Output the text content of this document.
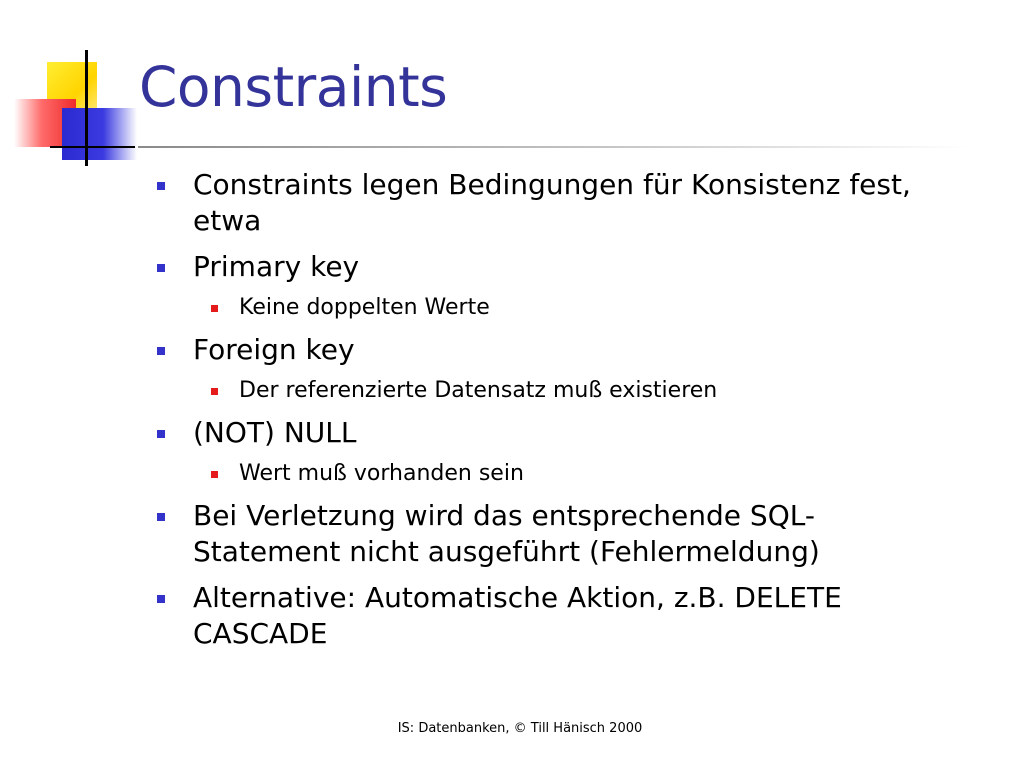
Constraints
Constraints legen Bedingungen für Konsistenz fest, etwa
Primary key
Keine doppelten Werte
Foreign key
Der referenzierte Datensatz muß existieren
(NOT) NULL
Wert muß vorhanden sein
Bei Verletzung wird das entsprechende SQL-Statement nicht ausgeführt (Fehlermeldung)
Alternative: Automatische Aktion, z.B. DELETE CASCADE
IS: Datenbanken, © Till Hänisch 2000
